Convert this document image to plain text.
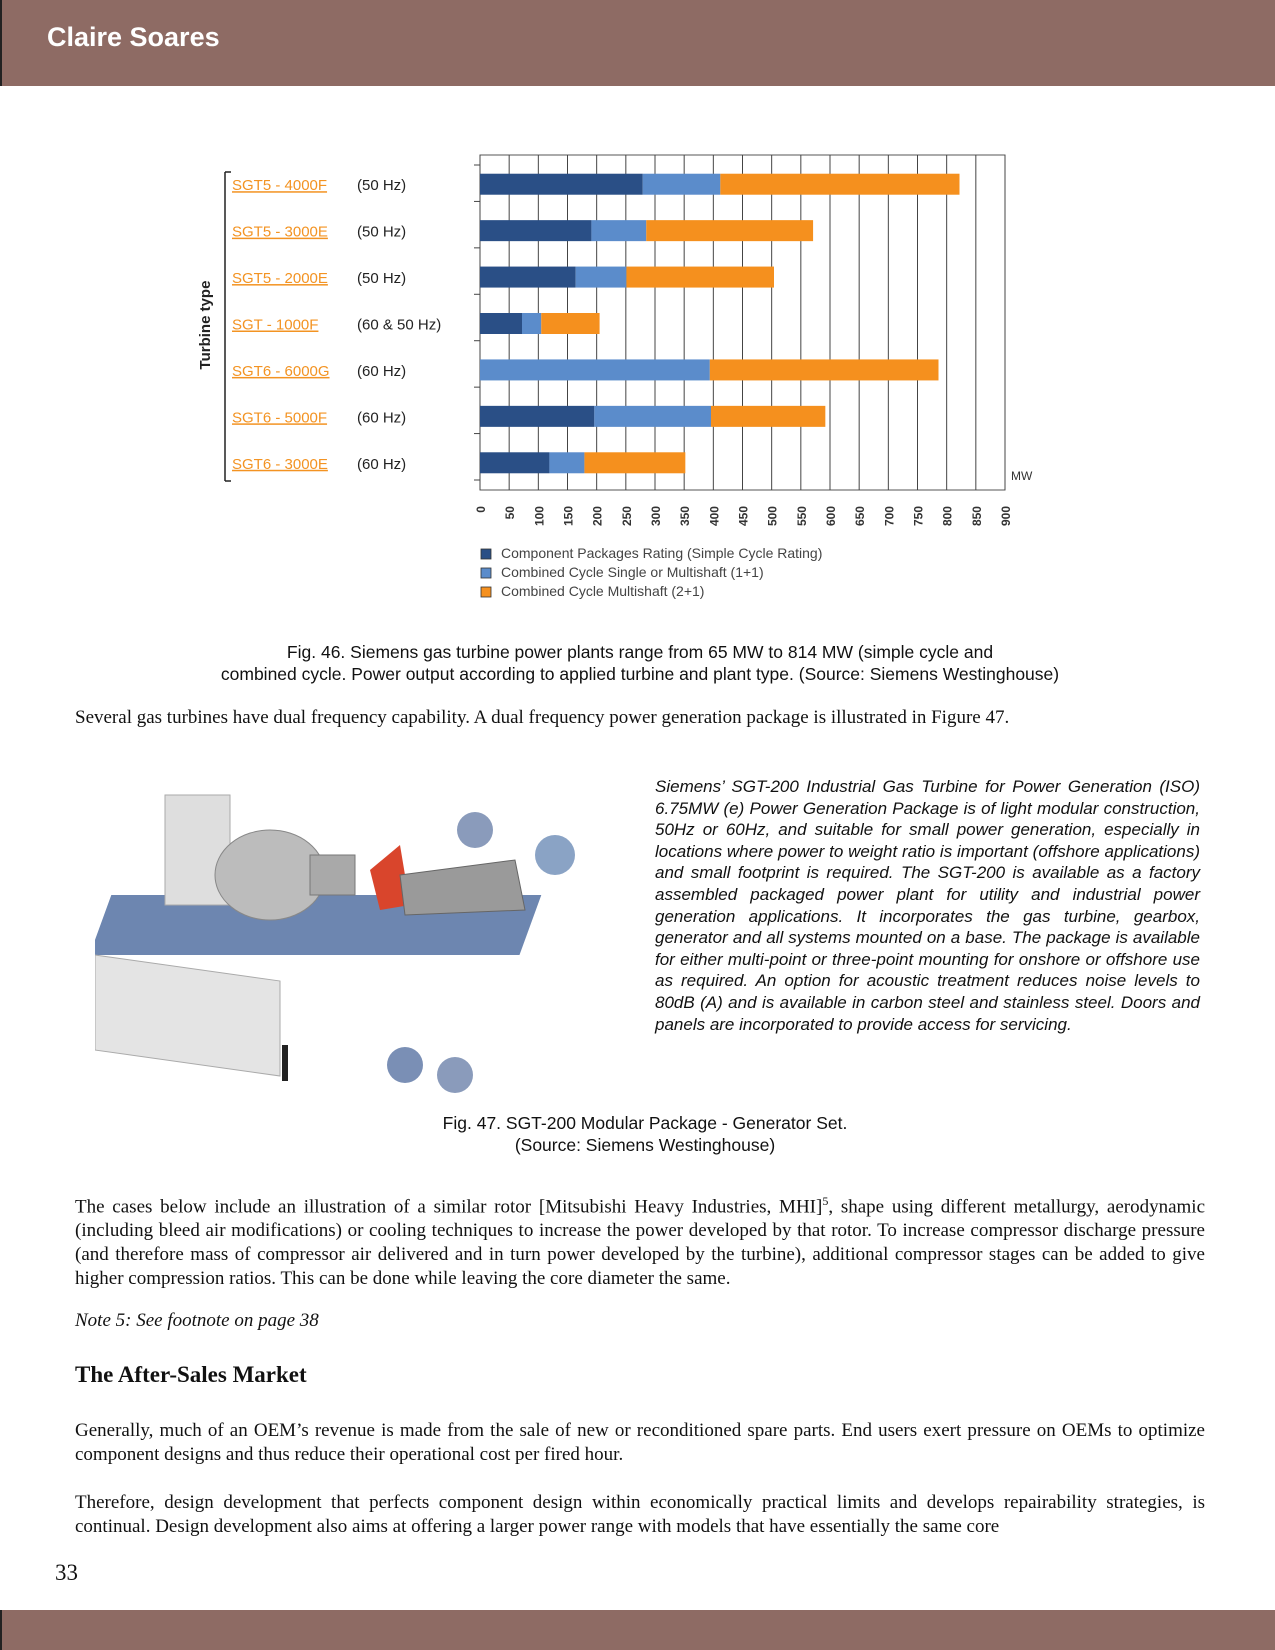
Claire Soares
0 50 100 150 200 250 300 350 400 450 500 550 600 650 700 750 800 850 900
SGT5 - 4000F (50 Hz)
SGT5 - 3000E (50 Hz)
SGT5 - 2000E (50 Hz)
SGT - 1000F	(60 & 50 Hz)
SGT6 - 6000G (60 Hz)
SGT6 - 5000F (60 Hz)
SGT6 - 3000E (60 Hz)
Turbine type
MW
Component Packages Rating (Simple Cycle Rating)
Combined Cycle Single or Multishaft (1+1)
Combined Cycle Multishaft (2+1)
Fig. 46. Siemens gas turbine power plants range from 65 MW to 814 MW (simple cycle and
combined cycle. Power output according to applied turbine and plant type. (Source: Siemens Westinghouse)
Several gas turbines have dual frequency capability. A dual frequency power generation package is illustrated in Figure 47.
Siemens’ SGT-200 Industrial Gas Turbine for Power Generation (ISO) 6.75MW (e) Power Generation Package is of light modular construction, 50Hz or 60Hz, and suitable for small power generation, especially in locations where power to weight ratio is important (offshore applications) and small footprint is required. The SGT-200 is available as a factory assembled packaged power plant for utility and industrial power generation applications. It incorporates the gas turbine, gearbox, generator and all systems mounted on a base. The package is available for either multi-point or three-point mounting for onshore or offshore use as required. An option for acoustic treatment reduces noise levels to 80dB (A) and is available in carbon steel and stainless steel. Doors and panels are incorporated to provide access for servicing.
Fig. 47. SGT-200 Modular Package - Generator Set.
(Source: Siemens Westinghouse)
The cases below include an illustration of a similar rotor [Mitsubishi Heavy Industries, MHI]$^5$, shape using different metallurgy, aerodynamic (including bleed air modifications) or cooling techniques to increase the power developed by that rotor. To increase compressor discharge pressure (and therefore mass of compressor air delivered and in turn power developed by the turbine), additional compressor stages can be added to give higher compression ratios. This can be done while leaving the core diameter the same.
Note 5: See footnote on page 38
The After-Sales Market
Generally, much of an OEM’s revenue is made from the sale of new or reconditioned spare parts. End users exert pressure on OEMs to optimize component designs and thus reduce their operational cost per fired hour.
Therefore, design development that perfects component design within economically practical limits and develops repairability strategies, is continual. Design development also aims at offering a larger power range with models that have essentially the same core
33
